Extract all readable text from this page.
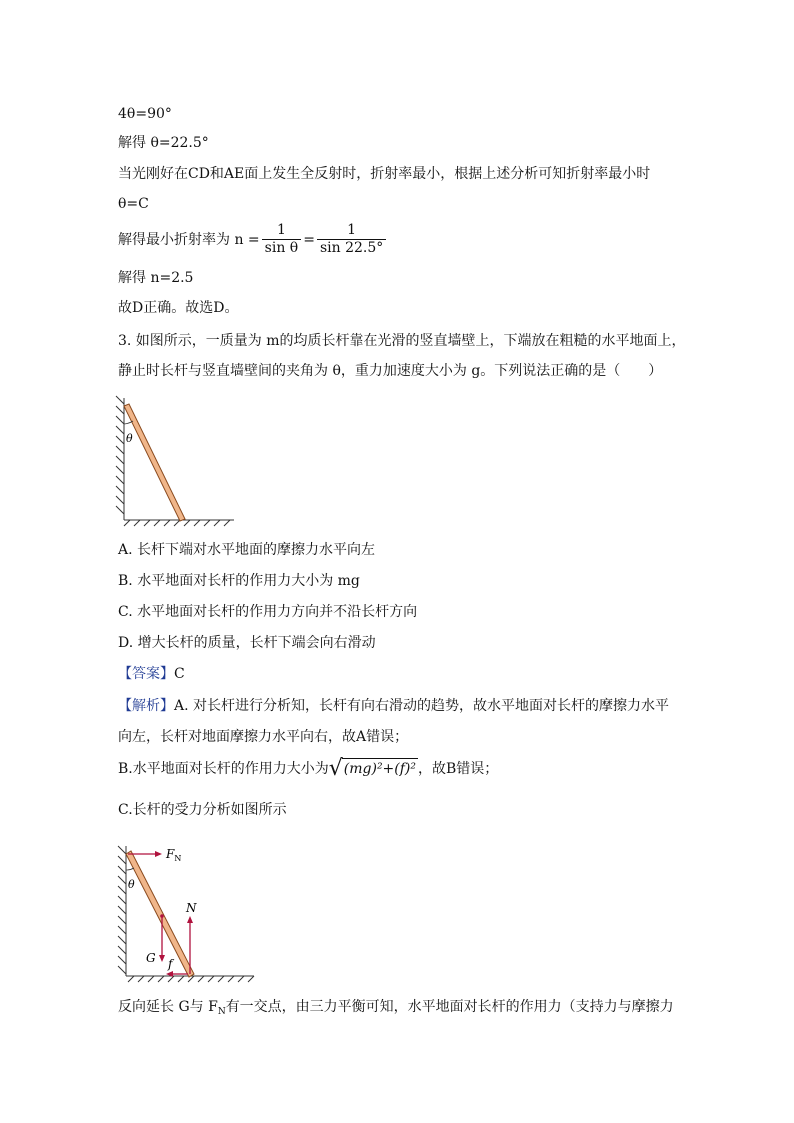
4θ=90°
解得 θ=22.5°
当光刚好在CD和AE面上发生全反射时，折射率最小，根据上述分析可知折射率最小时
θ=C
解得最小折射率为 $n = \frac{1}{\text{sin θ}} = \frac{1}{\sin 22.5^\circ}$
解得 n=2.5
故D正确。故选D。
3. 如图所示，一质量为 m的均质长杆靠在光滑的竖直墙壁上，下端放在粗糙的水平地面上，
静止时长杆与竖直墙壁间的夹角为 θ，重力加速度大小为 g。下列说法正确的是（　　）
θ
A. 长杆下端对水平地面的摩擦力水平向左
B. 水平地面对长杆的作用力大小为 mg
C. 水平地面对长杆的作用力方向并不沿长杆方向
D. 增大长杆的质量，长杆下端会向右滑动
【答案】C
【解析】A. 对长杆进行分析知，长杆有向右滑动的趋势，故水平地面对长杆的摩擦力水平
向左，长杆对地面摩擦力水平向右，故A错误；
B.水平地面对长杆的作用力大小为 √ (mg)²+(f)² ，故B错误；
C.长杆的受力分析如图所示
θ
$F_N$
N
G f
反向延长 G与 $F_N$有一交点，由三力平衡可知，水平地面对长杆的作用力（支持力与摩擦力
